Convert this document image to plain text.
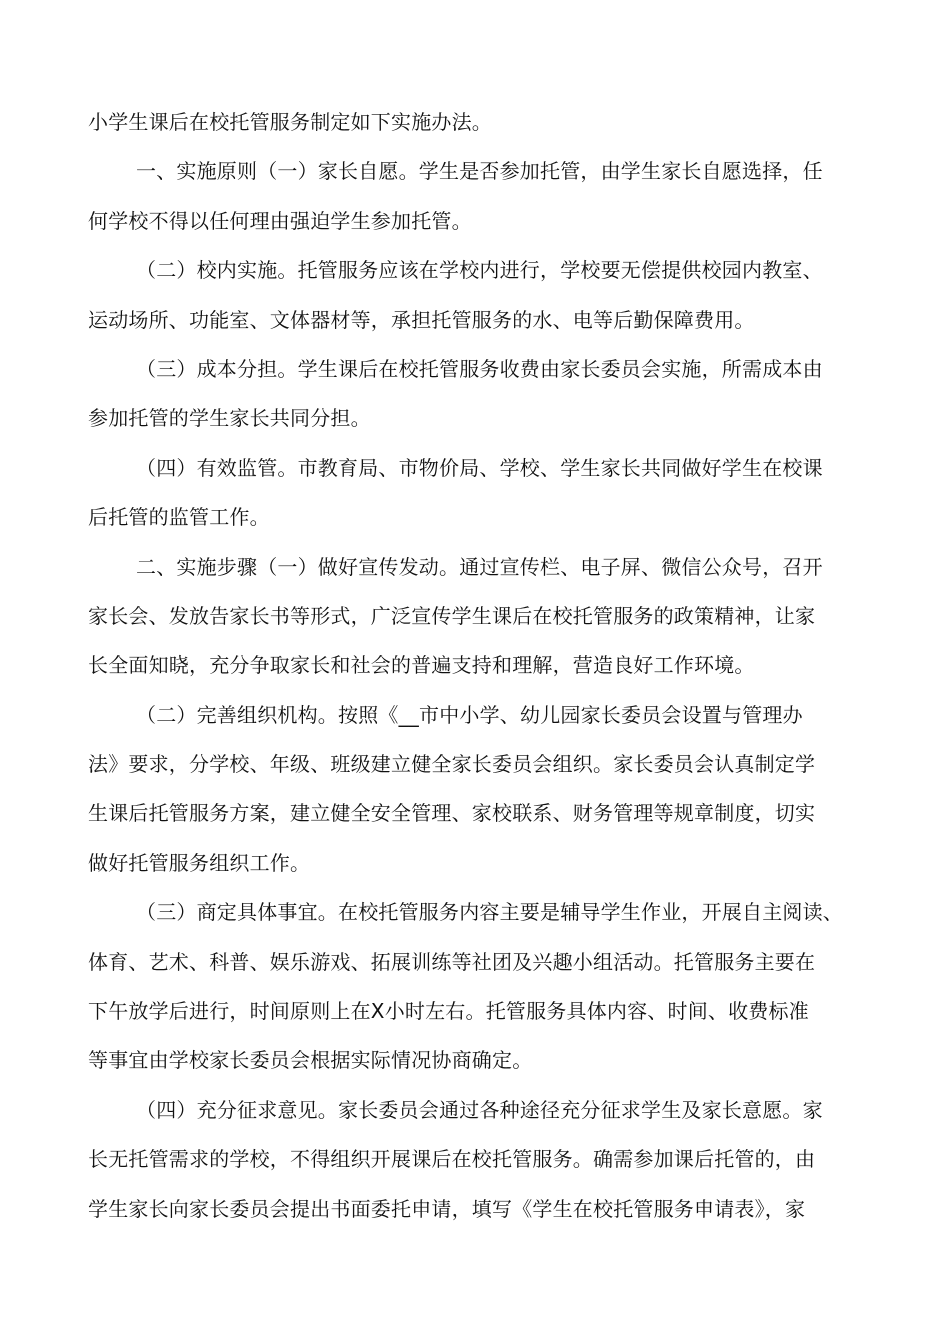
小学生课后在校托管服务制定如下实施办法。
一、实施原则（一）家长自愿。学生是否参加托管，由学生家长自愿选择，任
何学校不得以任何理由强迫学生参加托管。
（二）校内实施。托管服务应该在学校内进行，学校要无偿提供校园内教室、
运动场所、功能室、文体器材等，承担托管服务的水、电等后勤保障费用。
（三）成本分担。学生课后在校托管服务收费由家长委员会实施，所需成本由
参加托管的学生家长共同分担。
（四）有效监管。市教育局、市物价局、学校、学生家长共同做好学生在校课
后托管的监管工作。
二、实施步骤（一）做好宣传发动。通过宣传栏、电子屏、微信公众号，召开
家长会、发放告家长书等形式，广泛宣传学生课后在校托管服务的政策精神，让家
长全面知晓，充分争取家长和社会的普遍支持和理解，营造良好工作环境。
（二）完善组织机构。按照《__市中小学、幼儿园家长委员会设置与管理办
法》要求，分学校、年级、班级建立健全家长委员会组织。家长委员会认真制定学
生课后托管服务方案，建立健全安全管理、家校联系、财务管理等规章制度，切实
做好托管服务组织工作。
（三）商定具体事宜。在校托管服务内容主要是辅导学生作业，开展自主阅读、
体育、艺术、科普、娱乐游戏、拓展训练等社团及兴趣小组活动。托管服务主要在
下午放学后进行，时间原则上在X小时左右。托管服务具体内容、时间、收费标准
等事宜由学校家长委员会根据实际情况协商确定。
（四）充分征求意见。家长委员会通过各种途径充分征求学生及家长意愿。家
长无托管需求的学校，不得组织开展课后在校托管服务。确需参加课后托管的，由
学生家长向家长委员会提出书面委托申请，填写《学生在校托管服务申请表》，家
